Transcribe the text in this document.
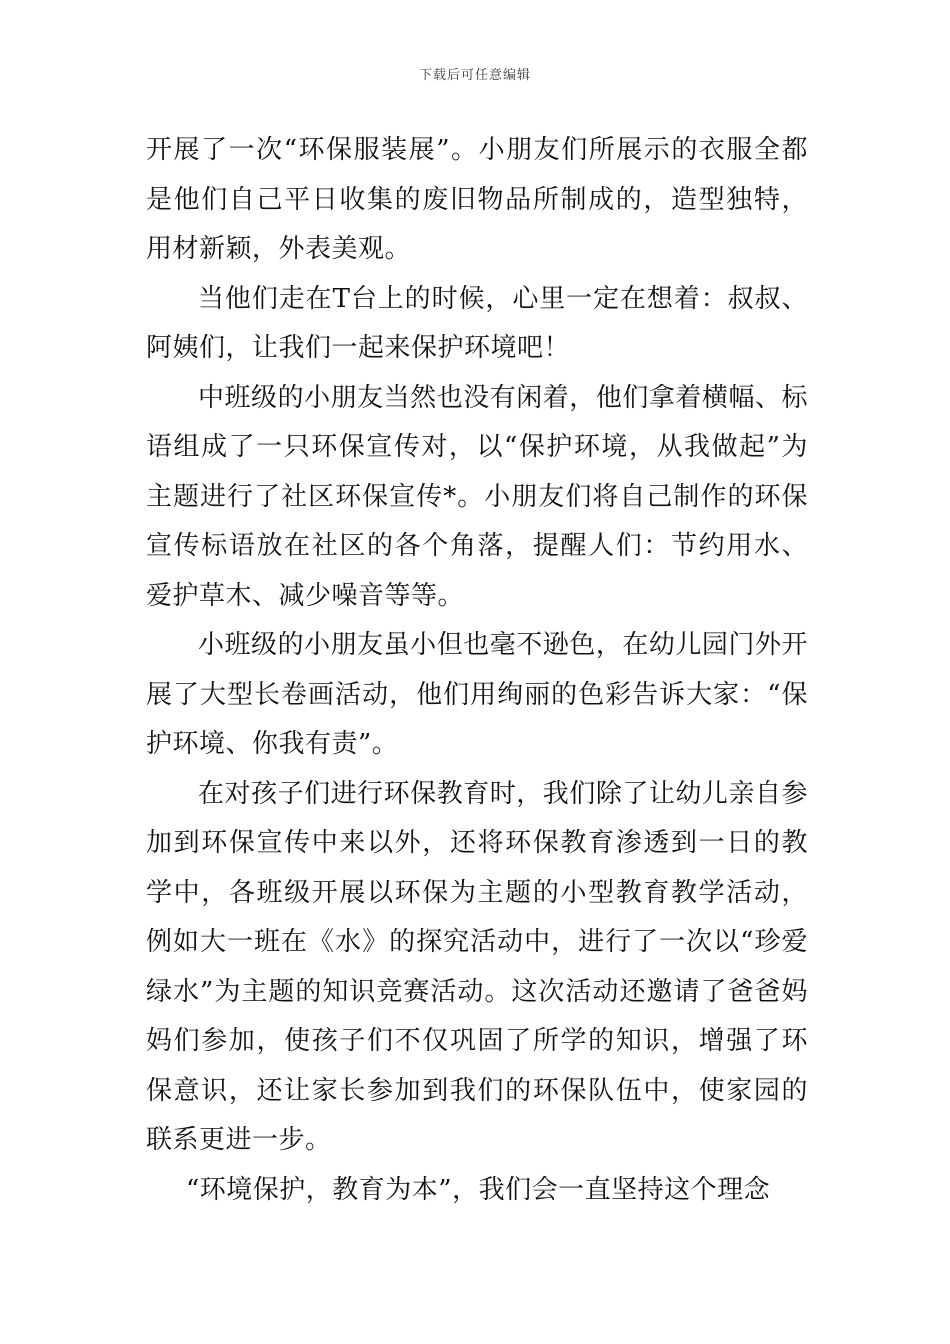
下载后可任意编辑

开展了一次“环保服装展”。小朋友们所展示的衣服全都是他们自己平日收集的废旧物品所制成的，造型独特，用材新颖，外表美观。

当他们走在T台上的时候，心里一定在想着：叔叔、阿姨们，让我们一起来保护环境吧！

中班级的小朋友当然也没有闲着，他们拿着横幅、标语组成了一只环保宣传对，以“保护环境，从我做起”为主题进行了社区环保宣传*。小朋友们将自己制作的环保宣传标语放在社区的各个角落，提醒人们：节约用水、爱护草木、减少噪音等等。

小班级的小朋友虽小但也毫不逊色，在幼儿园门外开展了大型长卷画活动，他们用绚丽的色彩告诉大家：“保护环境、你我有责”。

在对孩子们进行环保教育时，我们除了让幼儿亲自参加到环保宣传中来以外，还将环保教育渗透到一日的教学中，各班级开展以环保为主题的小型教育教学活动，例如大一班在《水》的探究活动中，进行了一次以“珍爱绿水”为主题的知识竞赛活动。这次活动还邀请了爸爸妈妈们参加，使孩子们不仅巩固了所学的知识，增强了环保意识，还让家长参加到我们的环保队伍中，使家园的联系更进一步。

“环境保护，教育为本”，我们会一直坚持这个理念
